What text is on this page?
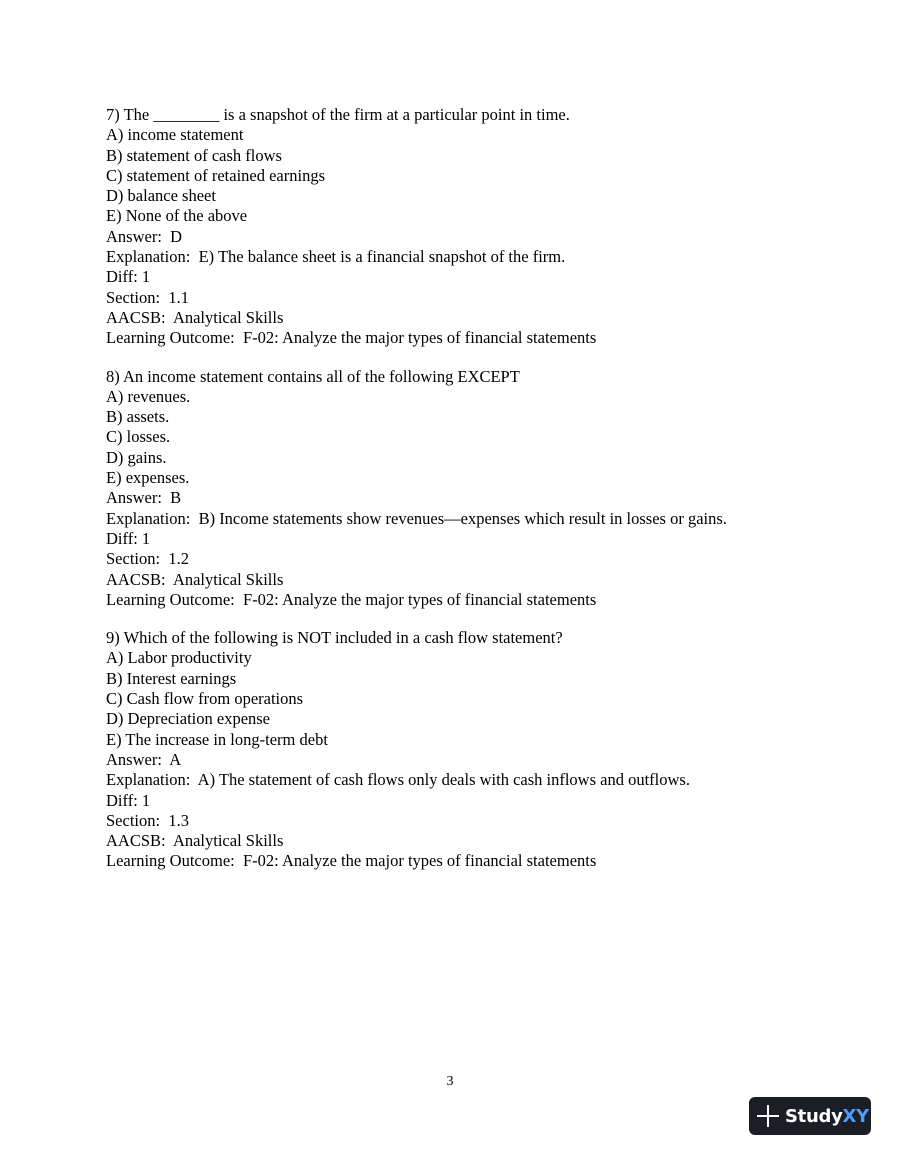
7) The ________ is a snapshot of the firm at a particular point in time.
A) income statement
B) statement of cash flows
C) statement of retained earnings
D) balance sheet
E) None of the above
Answer:  D
Explanation:  E) The balance sheet is a financial snapshot of the firm.
Diff: 1
Section:  1.1
AACSB:  Analytical Skills
Learning Outcome:  F-02: Analyze the major types of financial statements
8) An income statement contains all of the following EXCEPT
A) revenues.
B) assets.
C) losses.
D) gains.
E) expenses.
Answer:  B
Explanation:  B) Income statements show revenues—expenses which result in losses or gains.
Diff: 1
Section:  1.2
AACSB:  Analytical Skills
Learning Outcome:  F-02: Analyze the major types of financial statements
9) Which of the following is NOT included in a cash flow statement?
A) Labor productivity
B) Interest earnings
C) Cash flow from operations
D) Depreciation expense
E) The increase in long-term debt
Answer:  A
Explanation:  A) The statement of cash flows only deals with cash inflows and outflows.
Diff: 1
Section:  1.3
AACSB:  Analytical Skills
Learning Outcome:  F-02: Analyze the major types of financial statements
3
StudyXY
